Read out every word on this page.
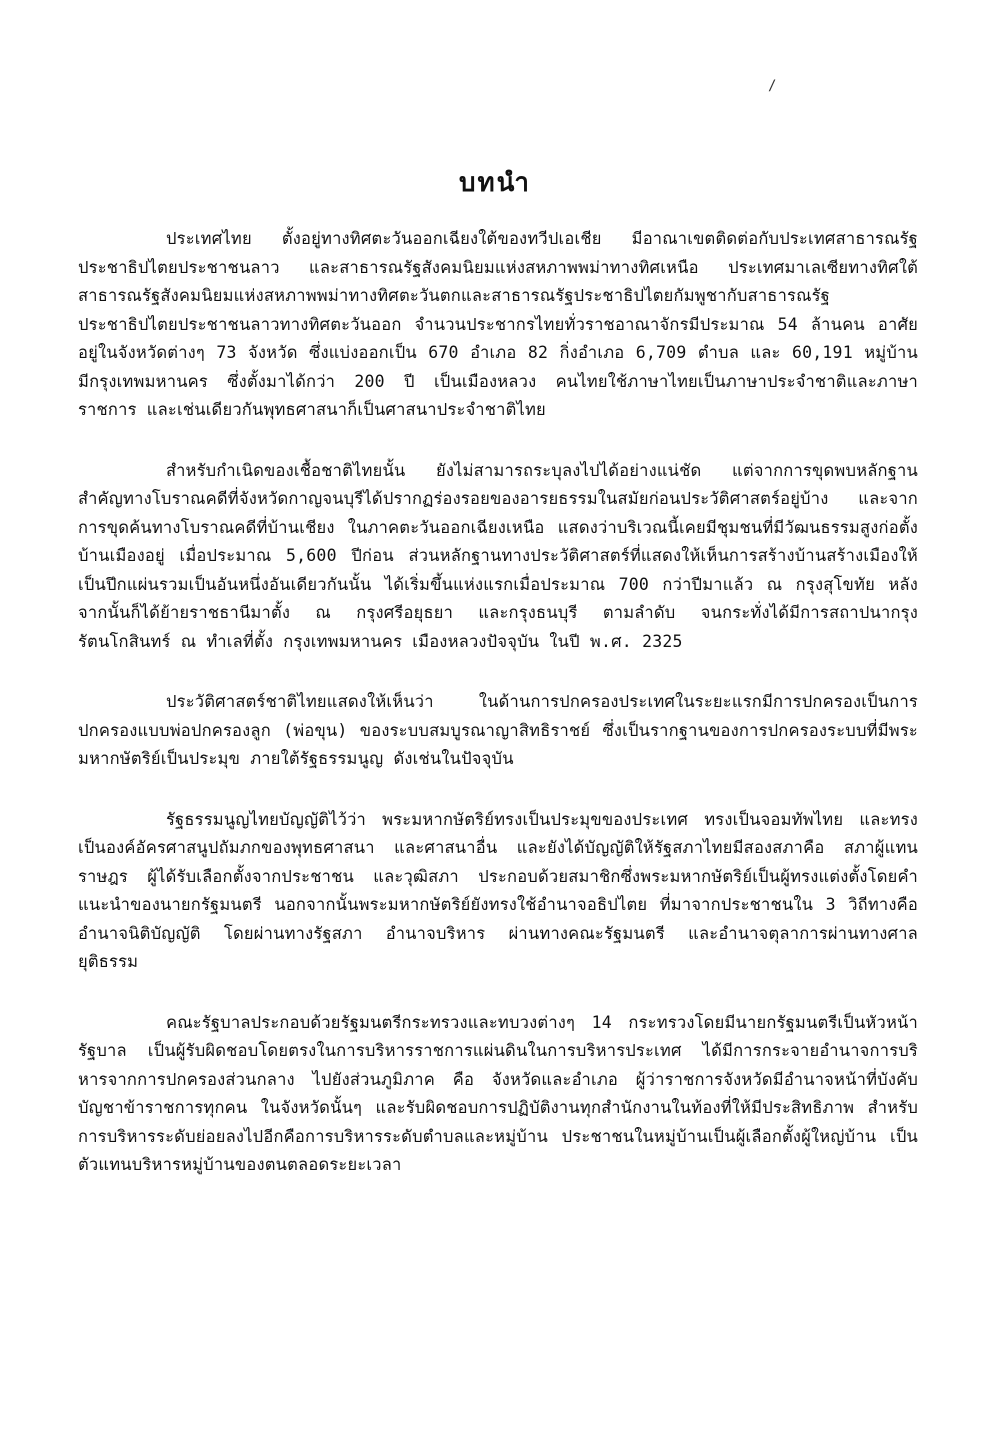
/
บทนำ

ประเทศไทย ตั้งอยู่ทางทิศตะวันออกเฉียงใต้ของทวีปเอเชีย มีอาณาเขตติดต่อกับประเทศสาธารณรัฐประชาธิปไตยประชาชนลาว และสาธารณรัฐสังคมนิยมแห่งสหภาพพม่าทางทิศเหนือ ประเทศมาเลเซียทางทิศใต้ สาธารณรัฐสังคมนิยมแห่งสหภาพพม่าทางทิศตะวันตกและสาธารณรัฐประชาธิปไตยกัมพูชากับสาธารณรัฐประชาธิปไตยประชาชนลาวทางทิศตะวันออก จำนวนประชากรไทยทั่วราชอาณาจักรมีประมาณ 54 ล้านคน อาศัยอยู่ในจังหวัดต่างๆ 73 จังหวัด ซึ่งแบ่งออกเป็น 670 อำเภอ 82 กิ่งอำเภอ 6,709 ตำบล และ 60,191 หมู่บ้าน มีกรุงเทพมหานคร ซึ่งตั้งมาได้กว่า 200 ปี เป็นเมืองหลวง คนไทยใช้ภาษาไทยเป็นภาษาประจำชาติและภาษาราชการ และเช่นเดียวกันพุทธศาสนาก็เป็นศาสนาประจำชาติไทย

สำหรับกำเนิดของเชื้อชาติไทยนั้น ยังไม่สามารถระบุลงไปได้อย่างแน่ชัด แต่จากการขุดพบหลักฐานสำคัญทางโบราณคดีที่จังหวัดกาญจนบุรีได้ปรากฏร่องรอยของอารยธรรมในสมัยก่อนประวัติศาสตร์อยู่บ้าง และจากการขุดค้นทางโบราณคดีที่บ้านเชียง ในภาคตะวันออกเฉียงเหนือ แสดงว่าบริเวณนี้เคยมีชุมชนที่มีวัฒนธรรมสูงก่อตั้งบ้านเมืองอยู่ เมื่อประมาณ 5,600 ปีก่อน ส่วนหลักฐานทางประวัติศาสตร์ที่แสดงให้เห็นการสร้างบ้านสร้างเมืองให้เป็นปึกแผ่นรวมเป็นอันหนึ่งอันเดียวกันนั้น ได้เริ่มขึ้นแห่งแรกเมื่อประมาณ 700 กว่าปีมาแล้ว ณ กรุงสุโขทัย หลังจากนั้นก็ได้ย้ายราชธานีมาตั้ง ณ กรุงศรีอยุธยา และกรุงธนบุรี ตามลำดับ จนกระทั่งได้มีการสถาปนากรุงรัตนโกสินทร์ ณ ทำเลที่ตั้ง กรุงเทพมหานคร เมืองหลวงปัจจุบัน ในปี พ.ศ. 2325

ประวัติศาสตร์ชาติไทยแสดงให้เห็นว่า ในด้านการปกครองประเทศในระยะแรกมีการปกครองเป็นการปกครองแบบพ่อปกครองลูก (พ่อขุน) ของระบบสมบูรณาญาสิทธิราชย์ ซึ่งเป็นรากฐานของการปกครองระบบที่มีพระมหากษัตริย์เป็นประมุข ภายใต้รัฐธรรมนูญ ดังเช่นในปัจจุบัน

รัฐธรรมนูญไทยบัญญัติไว้ว่า พระมหากษัตริย์ทรงเป็นประมุขของประเทศ ทรงเป็นจอมทัพไทย และทรงเป็นองค์อัครศาสนูปถัมภกของพุทธศาสนา และศาสนาอื่น และยังได้บัญญัติให้รัฐสภาไทยมีสองสภาคือ สภาผู้แทนราษฎร ผู้ได้รับเลือกตั้งจากประชาชน และวุฒิสภา ประกอบด้วยสมาชิกซึ่งพระมหากษัตริย์เป็นผู้ทรงแต่งตั้งโดยคำแนะนำของนายกรัฐมนตรี นอกจากนั้นพระมหากษัตริย์ยังทรงใช้อำนาจอธิปไตย ที่มาจากประชาชนใน 3 วิถีทางคือ อำนาจนิติบัญญัติ โดยผ่านทางรัฐสภา อำนาจบริหาร ผ่านทางคณะรัฐมนตรี และอำนาจตุลาการผ่านทางศาลยุติธรรม

คณะรัฐบาลประกอบด้วยรัฐมนตรีกระทรวงและทบวงต่างๆ 14 กระทรวงโดยมีนายกรัฐมนตรีเป็นหัวหน้ารัฐบาล เป็นผู้รับผิดชอบโดยตรงในการบริหารราชการแผ่นดินในการบริหารประเทศ ได้มีการกระจายอำนาจการบริหารจากการปกครองส่วนกลาง ไปยังส่วนภูมิภาค คือ จังหวัดและอำเภอ ผู้ว่าราชการจังหวัดมีอำนาจหน้าที่บังคับบัญชาข้าราชการทุกคน ในจังหวัดนั้นๆ และรับผิดชอบการปฏิบัติงานทุกสำนักงานในท้องที่ให้มีประสิทธิภาพ สำหรับการบริหารระดับย่อยลงไปอีกคือการบริหารระดับตำบลและหมู่บ้าน ประชาชนในหมู่บ้านเป็นผู้เลือกตั้งผู้ใหญ่บ้าน เป็นตัวแทนบริหารหมู่บ้านของตนตลอดระยะเวลา
